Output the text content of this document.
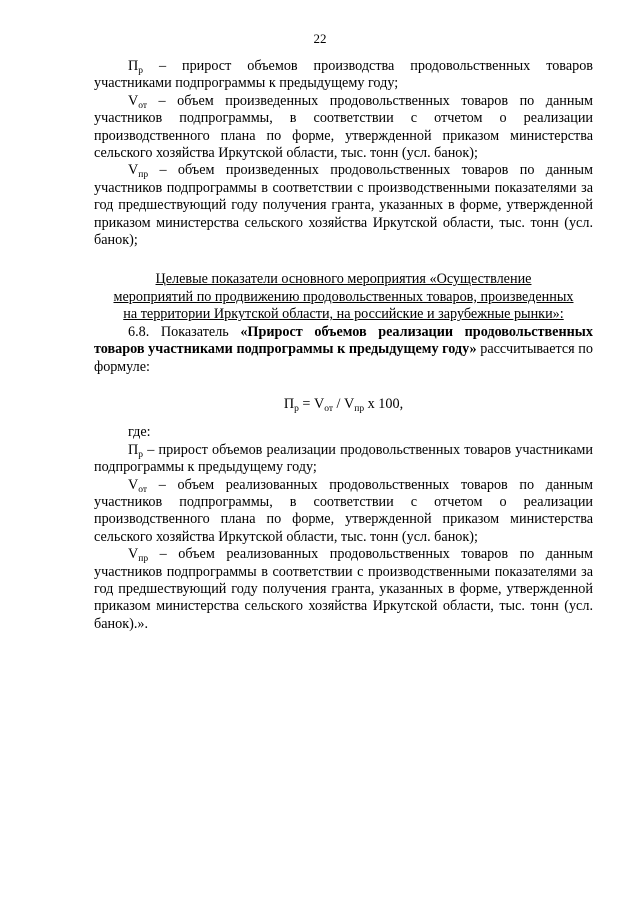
22

$П_р$ – прирост объемов производства продовольственных товаров участниками подпрограммы к предыдущему году;

$V_{от}$ – объем произведенных продовольственных товаров по данным участников подпрограммы, в соответствии с отчетом о реализации производственного плана по форме, утвержденной приказом министерства сельского хозяйства Иркутской области, тыс. тонн (усл. банок);

$V_{пр}$ – объем произведенных продовольственных товаров по данным участников подпрограммы в соответствии с производственными показателями за год предшествующий году получения гранта, указанных в форме, утвержденной приказом министерства сельского хозяйства Иркутской области, тыс. тонн (усл. банок);

Целевые показатели основного мероприятия «Осуществление
мероприятий по продвижению продовольственных товаров, произведенных
на территории Иркутской области, на российские и зарубежные рынки»:

6.8. Показатель «Прирост объемов реализации продовольственных товаров участниками подпрограммы к предыдущему году» рассчитывается по формуле:

$П_р = V_{от} / V_{пр}$ х 100,

где:

$П_р$ – прирост объемов реализации продовольственных товаров участниками подпрограммы к предыдущему году;

$V_{от}$ – объем реализованных продовольственных товаров по данным участников подпрограммы, в соответствии с отчетом о реализации производственного плана по форме, утвержденной приказом министерства сельского хозяйства Иркутской области, тыс. тонн (усл. банок);

$V_{пр}$ – объем реализованных продовольственных товаров по данным участников подпрограммы в соответствии с производственными показателями за год предшествующий году получения гранта, указанных в форме, утвержденной приказом министерства сельского хозяйства Иркутской области, тыс. тонн (усл. банок).».
